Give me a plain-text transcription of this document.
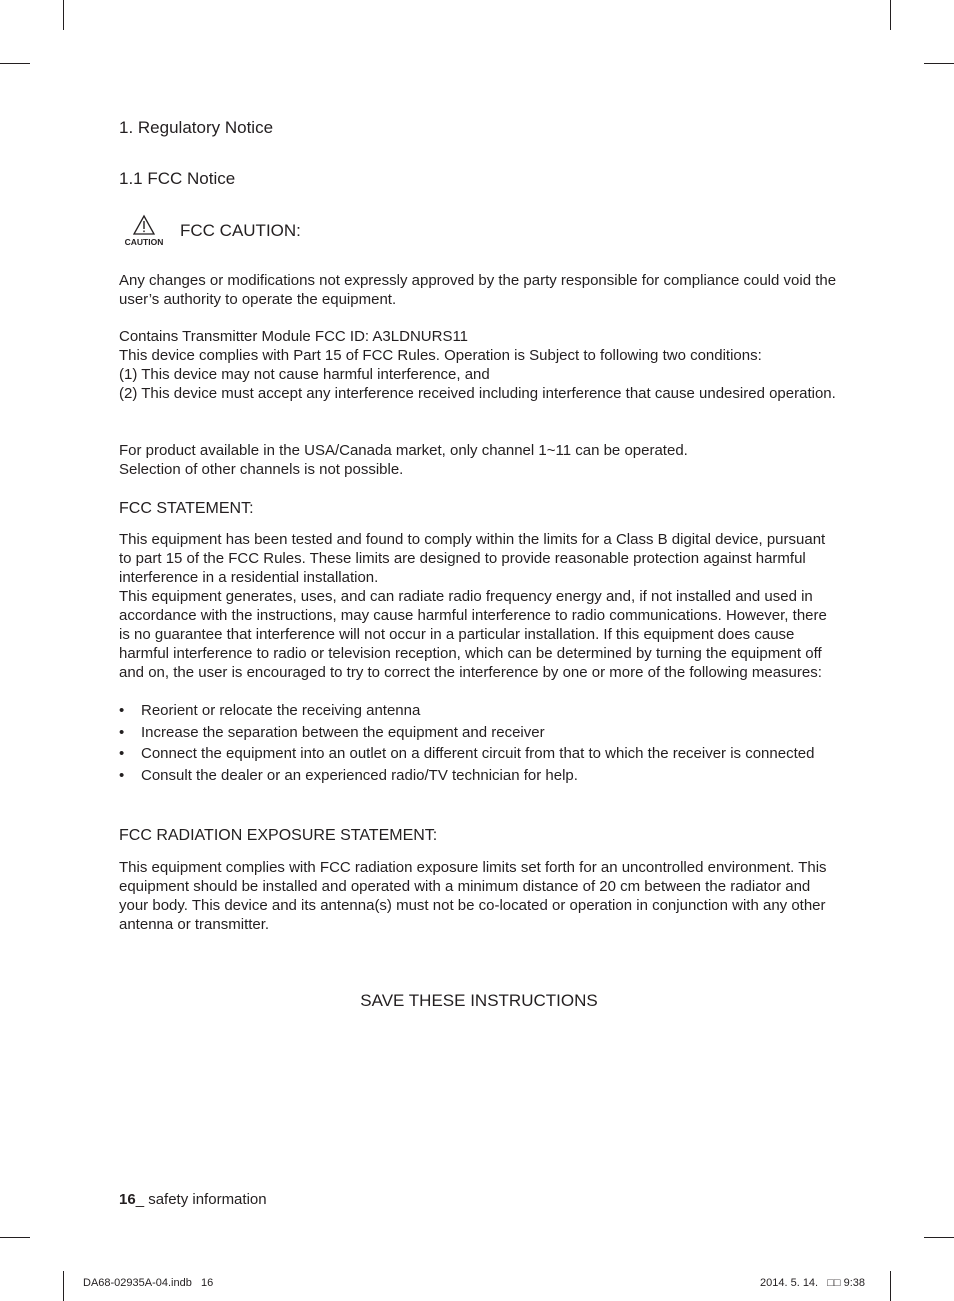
1. Regulatory Notice
1.1 FCC Notice
CAUTION
FCC CAUTION:

Any changes or modifications not expressly approved by the party responsible for compliance could void the user’s authority to operate the equipment.

Contains Transmitter Module FCC ID: A3LDNURS11
This device complies with Part 15 of FCC Rules. Operation is Subject to following two conditions:
(1) This device may not cause harmful interference, and
(2) This device must accept any interference received including interference that cause undesired operation.

For product available in the USA/Canada market, only channel 1~11 can be operated.
Selection of other channels is not possible.

FCC STATEMENT:

This equipment has been tested and found to comply within the limits for a Class B digital device, pursuant to part 15 of the FCC Rules. These limits are designed to provide reasonable protection against harmful interference in a residential installation.
This equipment generates, uses, and can radiate radio frequency energy and, if not installed and used in accordance with the instructions, may cause harmful interference to radio communications. However, there is no guarantee that interference will not occur in a particular installation. If this equipment does cause harmful interference to radio or television reception, which can be determined by turning the equipment off and on, the user is encouraged to try to correct the interference by one or more of the following measures:

• Reorient or relocate the receiving antenna
• Increase the separation between the equipment and receiver
• Connect the equipment into an outlet on a different circuit from that to which the receiver is connected
• Consult the dealer or an experienced radio/TV technician for help.
FCC RADIATION EXPOSURE STATEMENT:

This equipment complies with FCC radiation exposure limits set forth for an uncontrolled environment. This equipment should be installed and operated with a minimum distance of 20 cm between the radiator and your body. This device and its antenna(s) must not be co-located or operation in conjunction with any other antenna or transmitter.

SAVE THESE INSTRUCTIONS
16_ safety information
DA68-02935A-04.indb   16	2014. 5. 14.   □□ 9:38
